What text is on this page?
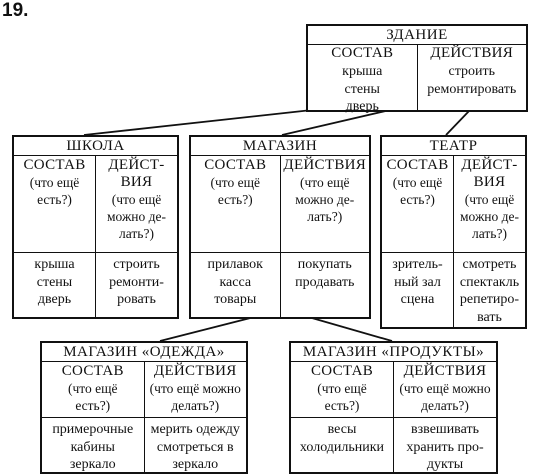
19.
ЗДАНИЕ
СОСТАВ
крыша
стены
дверь
ДЕЙСТВИЯ
строить
ремонтировать
ШКОЛА
СОСТАВ
(что ещё
есть?)
крыша
стены
дверь
ДЕЙСТ-
ВИЯ
(что ещё
можно де-
лать?)
строить
ремонти-
ровать
МАГАЗИН
СОСТАВ
(что ещё
есть?)
прилавок
касса
товары
ДЕЙСТВИЯ
(что ещё
можно де-
лать?)
покупать
продавать
ТЕАТР
СОСТАВ
(что ещё
есть?)
зритель-
ный зал
сцена
ДЕЙСТ-
ВИЯ
(что ещё
можно де-
лать?)
смотреть
спектакль
репетиро-
вать
МАГАЗИН «ОДЕЖДА»
СОСТАВ
(что ещё
есть?)
примерочные
кабины
зеркало
ДЕЙСТВИЯ
(что ещё можно
делать?)
мерить одежду
смотреться в
зеркало
МАГАЗИН «ПРОДУКТЫ»
СОСТАВ
(что ещё
есть?)
весы
холодильники
ДЕЙСТВИЯ
(что ещё можно
делать?)
взвешивать
хранить про-
дукты
